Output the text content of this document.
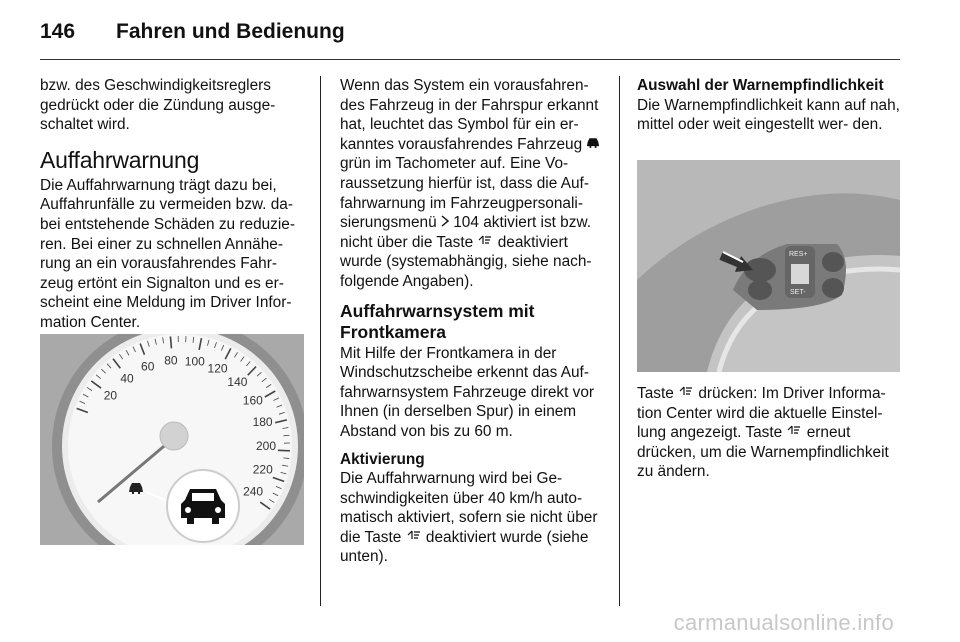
146	Fahren und Bedienung

bzw. des Geschwindigkeitsreglers gedrückt oder die Zündung ausge- schaltet wird.

Auffahrwarnung

Die Auffahrwarnung trägt dazu bei, Auffahrunfälle zu vermeiden bzw. da- bei entstehende Schäden zu reduzie- ren. Bei einer zu schnellen Annähe- rung an ein vorausfahrendes Fahr- zeug ertönt ein Signalton und es er- scheint eine Meldung im Driver Infor- mation Center.

20
40
60 80 100
120
140
160
180
200
220
240

Wenn das System ein vorausfahren- des Fahrzeug in der Fahrspur erkannt hat, leuchtet das Symbol für ein er- kanntes vorausfahrendes Fahrzeug  grün im Tachometer auf. Eine Vo- raussetzung hierfür ist, dass die Auf- fahrwarnung im Fahrzeugpersonali- sierungsmenü 104 aktiviert ist bzw. nicht über die Taste deaktiviert wurde (systemabhängig, siehe nach- folgende Angaben).

Auffahrwarnsystem mit Frontkamera

Mit Hilfe der Frontkamera in der Windschutzscheibe erkennt das Auf- fahrwarnsystem Fahrzeuge direkt vor Ihnen (in derselben Spur) in einem Abstand von bis zu 60 m.

Aktivierung

Die Auffahrwarnung wird bei Ge- schwindigkeiten über 40 km/h auto- matisch aktiviert, sofern sie nicht über die Taste deaktiviert wurde (siehe unten).

Auswahl der Warnempfindlichkeit

Die Warnempfindlichkeit kann auf nah, mittel oder weit eingestellt wer- den.

RES+
SET-

Taste drücken: Im Driver Informa- tion Center wird die aktuelle Einstel- lung angezeigt. Taste erneut drücken, um die Warnempfindlichkeit zu ändern.

carmanualsonline.info
